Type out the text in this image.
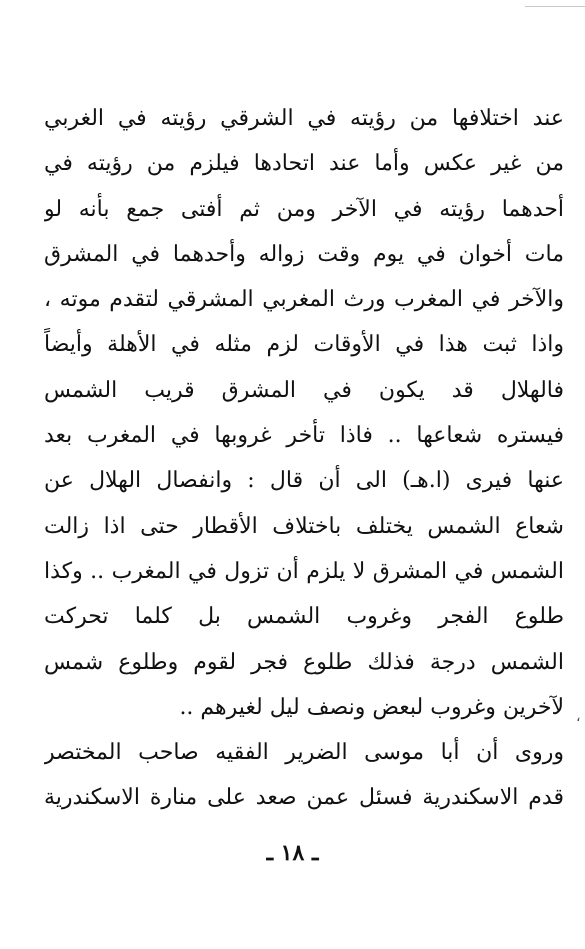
عند اختلافها من رؤيته في الشرقي رؤيته في الغربي
من غير عكس وأما عند اتحادها فيلزم من رؤيته في
أحدهما رؤيته في الآخر ومن ثم أفتى جمع بأنه لو
مات أخوان في يوم وقت زواله وأحدهما في المشرق
والآخر في المغرب ورث المغربي المشرقي لتقدم موته ،
واذا ثبت هذا في الأوقات لزم مثله في الأهلة وأيضاً
فالهلال قد يكون في المشرق قريب الشمس
فيستره شعاعها .. فاذا تأخر غروبها في المغرب بعد
عنها فيرى (ا.هـ) الى أن قال : وانفصال الهلال عن
شعاع الشمس يختلف باختلاف الأقطار حتى اذا زالت
الشمس في المشرق لا يلزم أن تزول في المغرب .. وكذا
طلوع الفجر وغروب الشمس بل كلما تحركت
الشمس درجة فذلك طلوع فجر لقوم وطلوع شمس
لآخرين وغروب لبعض ونصف ليل لغيرهم ..
وروى أن أبا موسى الضرير الفقيه صاحب المختصر
قدم الاسكندرية فسئل عمن صعد على منارة الاسكندرية
،
ـ ١٨ ـ
